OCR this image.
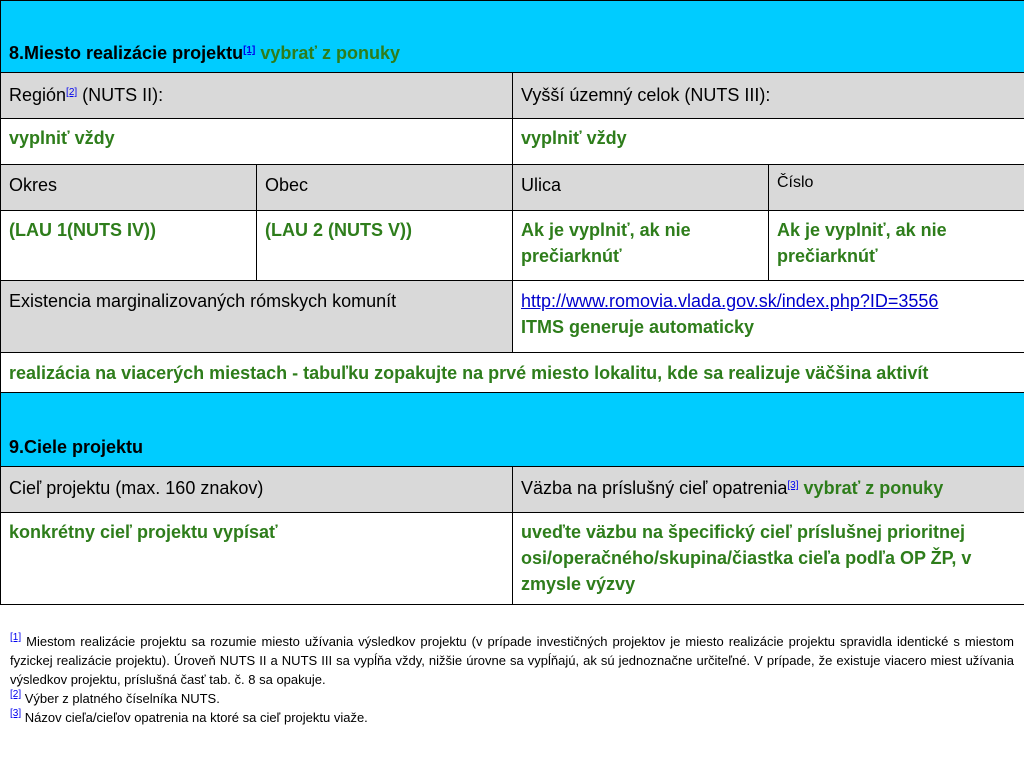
8.Miesto realizácie projektu[1] vybrať z ponuky			
Región[2] (NUTS II):		Vyšší územný celok (NUTS III):	
vyplniť vždy		vyplniť vždy	
Okres	Obec	Ulica	Číslo
(LAU 1(NUTS IV))	(LAU 2 (NUTS V))	Ak je vyplniť, ak nie prečiarknúť	Ak je vyplniť, ak nie prečiarknúť
Existencia marginalizovaných rómskych komunít		http://www.romovia.vlada.gov.sk/index.php?ID=3556
ITMS generuje automaticky	
realizácia na viacerých miestach - tabuľku zopakujte na prvé miesto lokalitu, kde sa realizuje väčšina aktivít
9.Ciele projektu	
Cieľ projektu (max. 160 znakov)	Väzba na príslušný cieľ opatrenia[3] vybrať z ponuky
konkrétny cieľ projektu vypísať	uveďte väzbu na špecifický cieľ príslušnej prioritnej osi/operačného/skupina/čiastka cieľa podľa OP ŽP, v zmysle výzvy

[1] Miestom realizácie projektu sa rozumie miesto užívania výsledkov projektu (v prípade investičných projektov je miesto realizácie projektu spravidla identické s miestom fyzickej realizácie projektu). Úroveň NUTS II a NUTS III sa vypĺňa vždy, nižšie úrovne sa vypĺňajú, ak sú jednoznačne určiteľné. V prípade, že existuje viacero miest užívania výsledkov projektu, príslušná časť tab. č. 8 sa opakuje.

[2] Výber z platného číselníka NUTS.

[3] Názov cieľa/cieľov opatrenia na ktoré sa cieľ projektu viaže.
